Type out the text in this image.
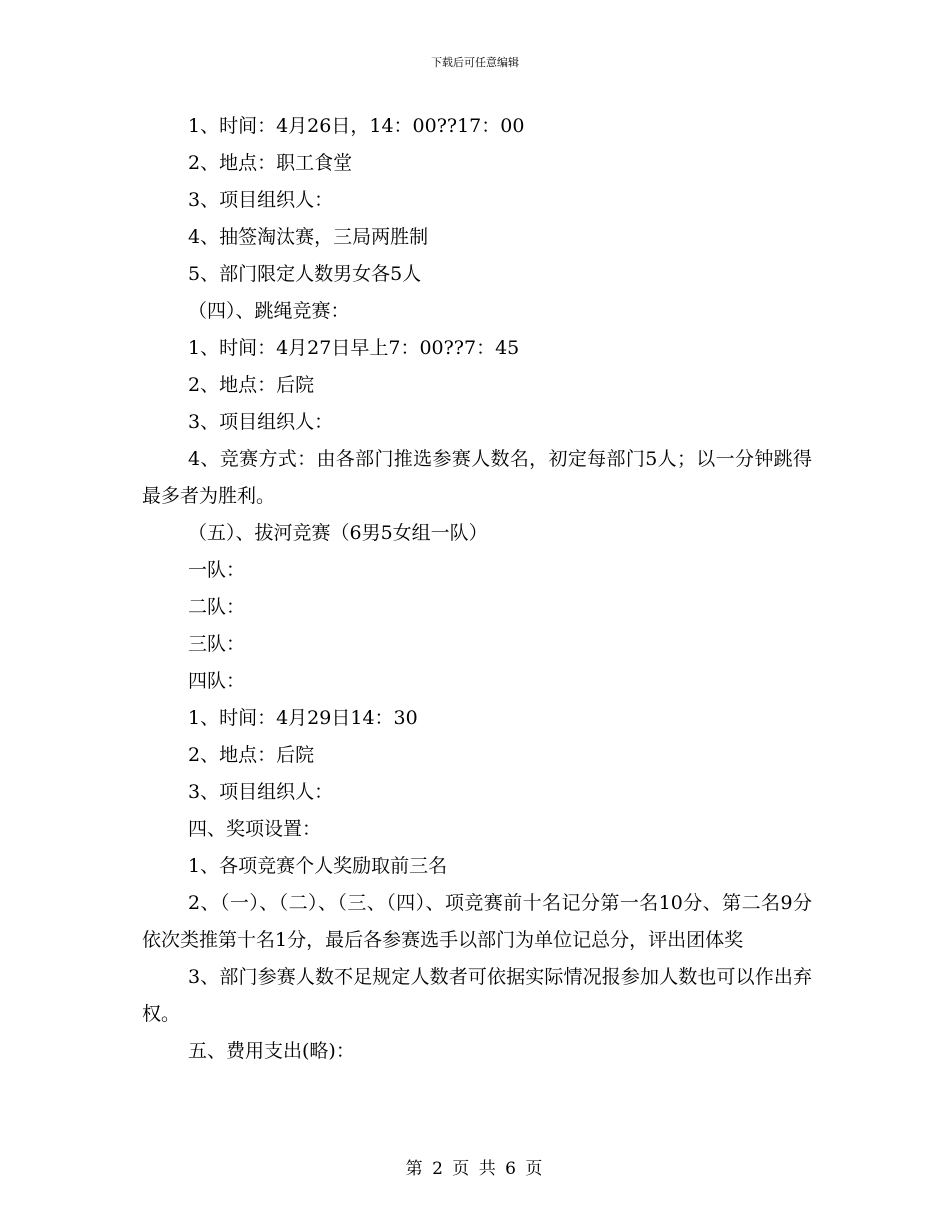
下载后可任意编辑

1、时间：4月26日，14：00??17：00

2、地点：职工食堂

3、项目组织人：

4、抽签淘汰赛，三局两胜制

5、部门限定人数男女各5人

（四）、跳绳竞赛：

1、时间：4月27日早上7：00??7：45

2、地点：后院

3、项目组织人：

4、竞赛方式：由各部门推选参赛人数名，初定每部门5人；以一分钟跳得最多者为胜利。

（五）、拔河竞赛（6男5女组一队）

一队：

二队：

三队：

四队：

1、时间：4月29日14：30

2、地点：后院

3、项目组织人：

四、奖项设置：

1、各项竞赛个人奖励取前三名

2、（一）、（二）、（三、（四）、项竞赛前十名记分第一名10分、第二名9分依次类推第十名1分，最后各参赛选手以部门为单位记总分，评出团体奖

3、部门参赛人数不足规定人数者可依据实际情况报参加人数也可以作出弃权。

五、费用支出(略)：

第 2 页 共 6 页
